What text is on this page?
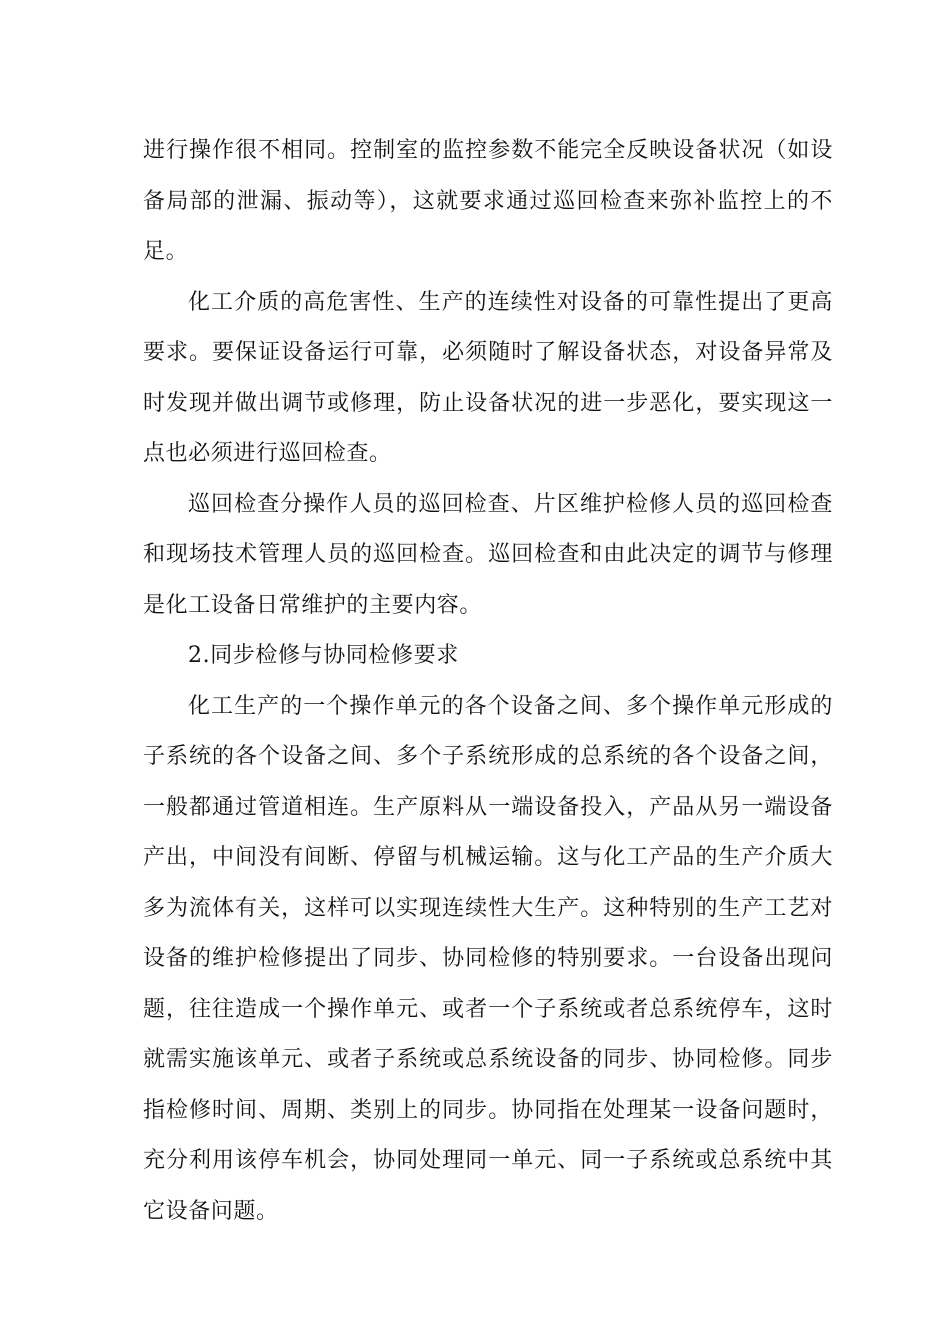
进行操作很不相同。控制室的监控参数不能完全反映设备状况（如设备局部的泄漏、振动等），这就要求通过巡回检查来弥补监控上的不足。

化工介质的高危害性、生产的连续性对设备的可靠性提出了更高要求。要保证设备运行可靠，必须随时了解设备状态，对设备异常及时发现并做出调节或修理，防止设备状况的进一步恶化，要实现这一点也必须进行巡回检查。

巡回检查分操作人员的巡回检查、片区维护检修人员的巡回检查和现场技术管理人员的巡回检查。巡回检查和由此决定的调节与修理是化工设备日常维护的主要内容。

2.同步检修与协同检修要求

化工生产的一个操作单元的各个设备之间、多个操作单元形成的子系统的各个设备之间、多个子系统形成的总系统的各个设备之间，一般都通过管道相连。生产原料从一端设备投入，产品从另一端设备产出，中间没有间断、停留与机械运输。这与化工产品的生产介质大多为流体有关，这样可以实现连续性大生产。这种特别的生产工艺对设备的维护检修提出了同步、协同检修的特别要求。一台设备出现问题，往往造成一个操作单元、或者一个子系统或者总系统停车，这时就需实施该单元、或者子系统或总系统设备的同步、协同检修。同步指检修时间、周期、类别上的同步。协同指在处理某一设备问题时，充分利用该停车机会，协同处理同一单元、同一子系统或总系统中其它设备问题。
